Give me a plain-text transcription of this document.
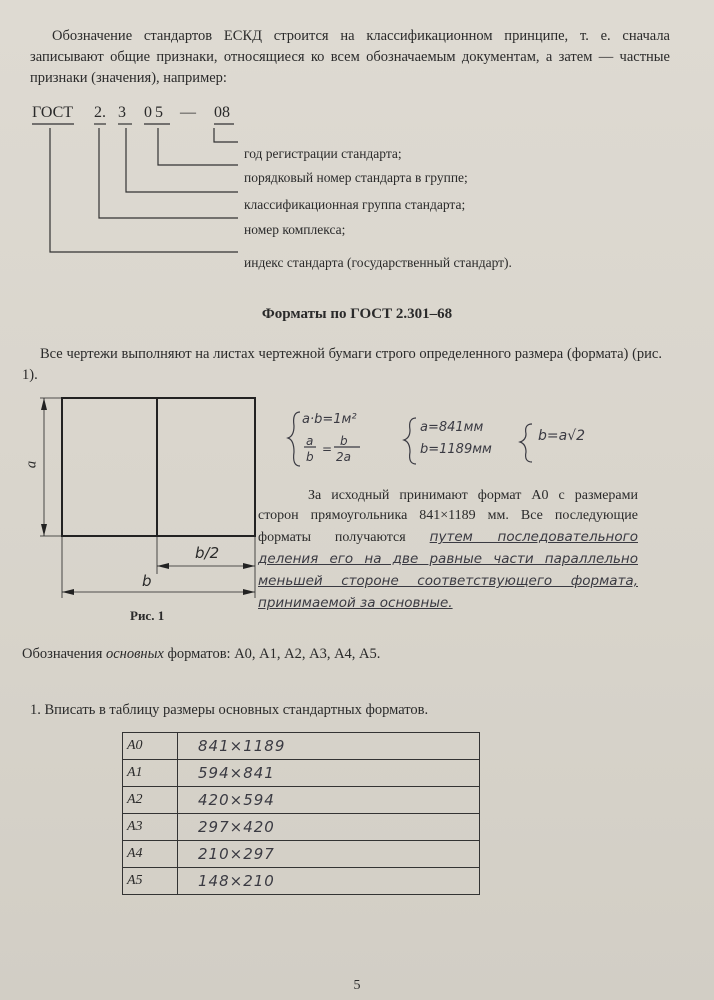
Обозначение стандартов ЕСКД строится на классификационном принципе, т. е. сначала записывают общие признаки, относящиеся ко всем обозначаемым документам, а затем — частные признаки (значения), например:
ГОСТ 2. 3 05 — 08
год регистрации стандарта;
порядковый номер стандарта в группе;
классификационная группа стандарта;
номер комплекса;
индекс стандарта (государственный стандарт).
Форматы по ГОСТ 2.301–68
Все чертежи выполняют на листах чертежной бумаги строго определенного размера (формата) (рис. 1).
a
b/2
b
Рис. 1
a·b=1м²
a
b
=
b
2a
a=841мм
b=1189мм
b=a√2
За исходный принимают формат А0 с размерами сторон прямоугольника 841×1189 мм. Все последующие форматы получаются путем последовательного деления его на две равные части параллельно меньшей стороне соответствующего формата, принимаемой за основные.
Обозначения основных форматов: А0, А1, А2, А3, А4, А5.
1. Вписать в таблицу размеры основных стандартных форматов.
А0	841×1189
А1	594×841
А2	420×594
А3	297×420
А4	210×297
А5	148×210
5
